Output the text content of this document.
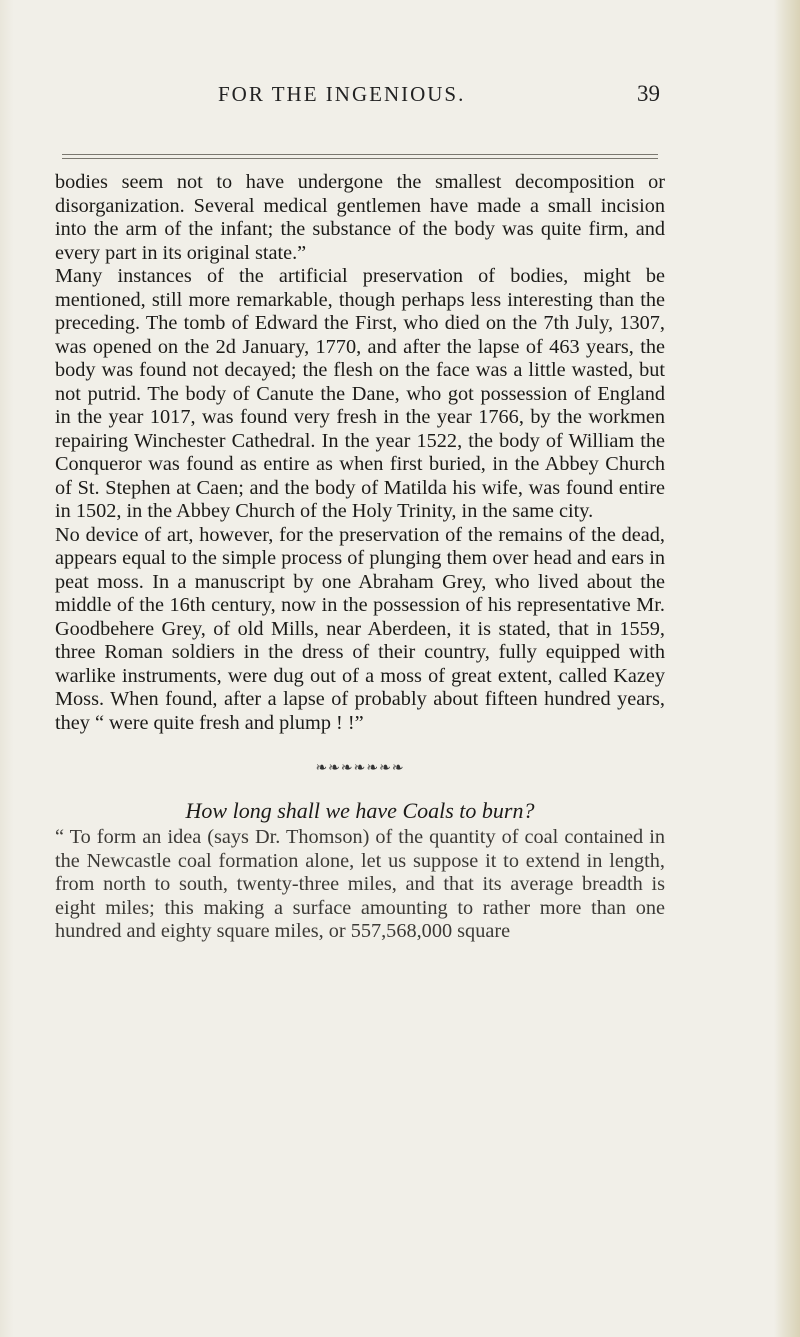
FOR THE INGENIOUS.	39

bodies seem not to have undergone the smallest decomposition or disorganization. Several medical gentlemen have made a small incision into the arm of the infant; the substance of the body was quite firm, and every part in its original state.”

Many instances of the artificial preservation of bodies, might be mentioned, still more remarkable, though perhaps less interesting than the preceding. The tomb of Edward the First, who died on the 7th July, 1307, was opened on the 2d January, 1770, and after the lapse of 463 years, the body was found not decayed; the flesh on the face was a little wasted, but not putrid. The body of Canute the Dane, who got possession of England in the year 1017, was found very fresh in the year 1766, by the workmen repairing Winchester Cathedral. In the year 1522, the body of William the Conqueror was found as entire as when first buried, in the Abbey Church of St. Stephen at Caen; and the body of Matilda his wife, was found entire in 1502, in the Abbey Church of the Holy Trinity, in the same city.

No device of art, however, for the preservation of the remains of the dead, appears equal to the simple process of plunging them over head and ears in peat moss. In a manuscript by one Abraham Grey, who lived about the middle of the 16th century, now in the possession of his representative Mr. Goodbehere Grey, of old Mills, near Aberdeen, it is stated, that in 1559, three Roman soldiers in the dress of their country, fully equipped with warlike instruments, were dug out of a moss of great extent, called Kazey Moss. When found, after a lapse of probably about fifteen hundred years, they “ were quite fresh and plump ! !”

❧❧❧❧❧❧❧
How long shall we have Coals to burn?

“ To form an idea (says Dr. Thomson) of the quantity of coal contained in the Newcastle coal formation alone, let us suppose it to extend in length, from north to south, twenty-three miles, and that its average breadth is eight miles; this making a surface amounting to rather more than one hundred and eighty square miles, or 557,568,000 square
